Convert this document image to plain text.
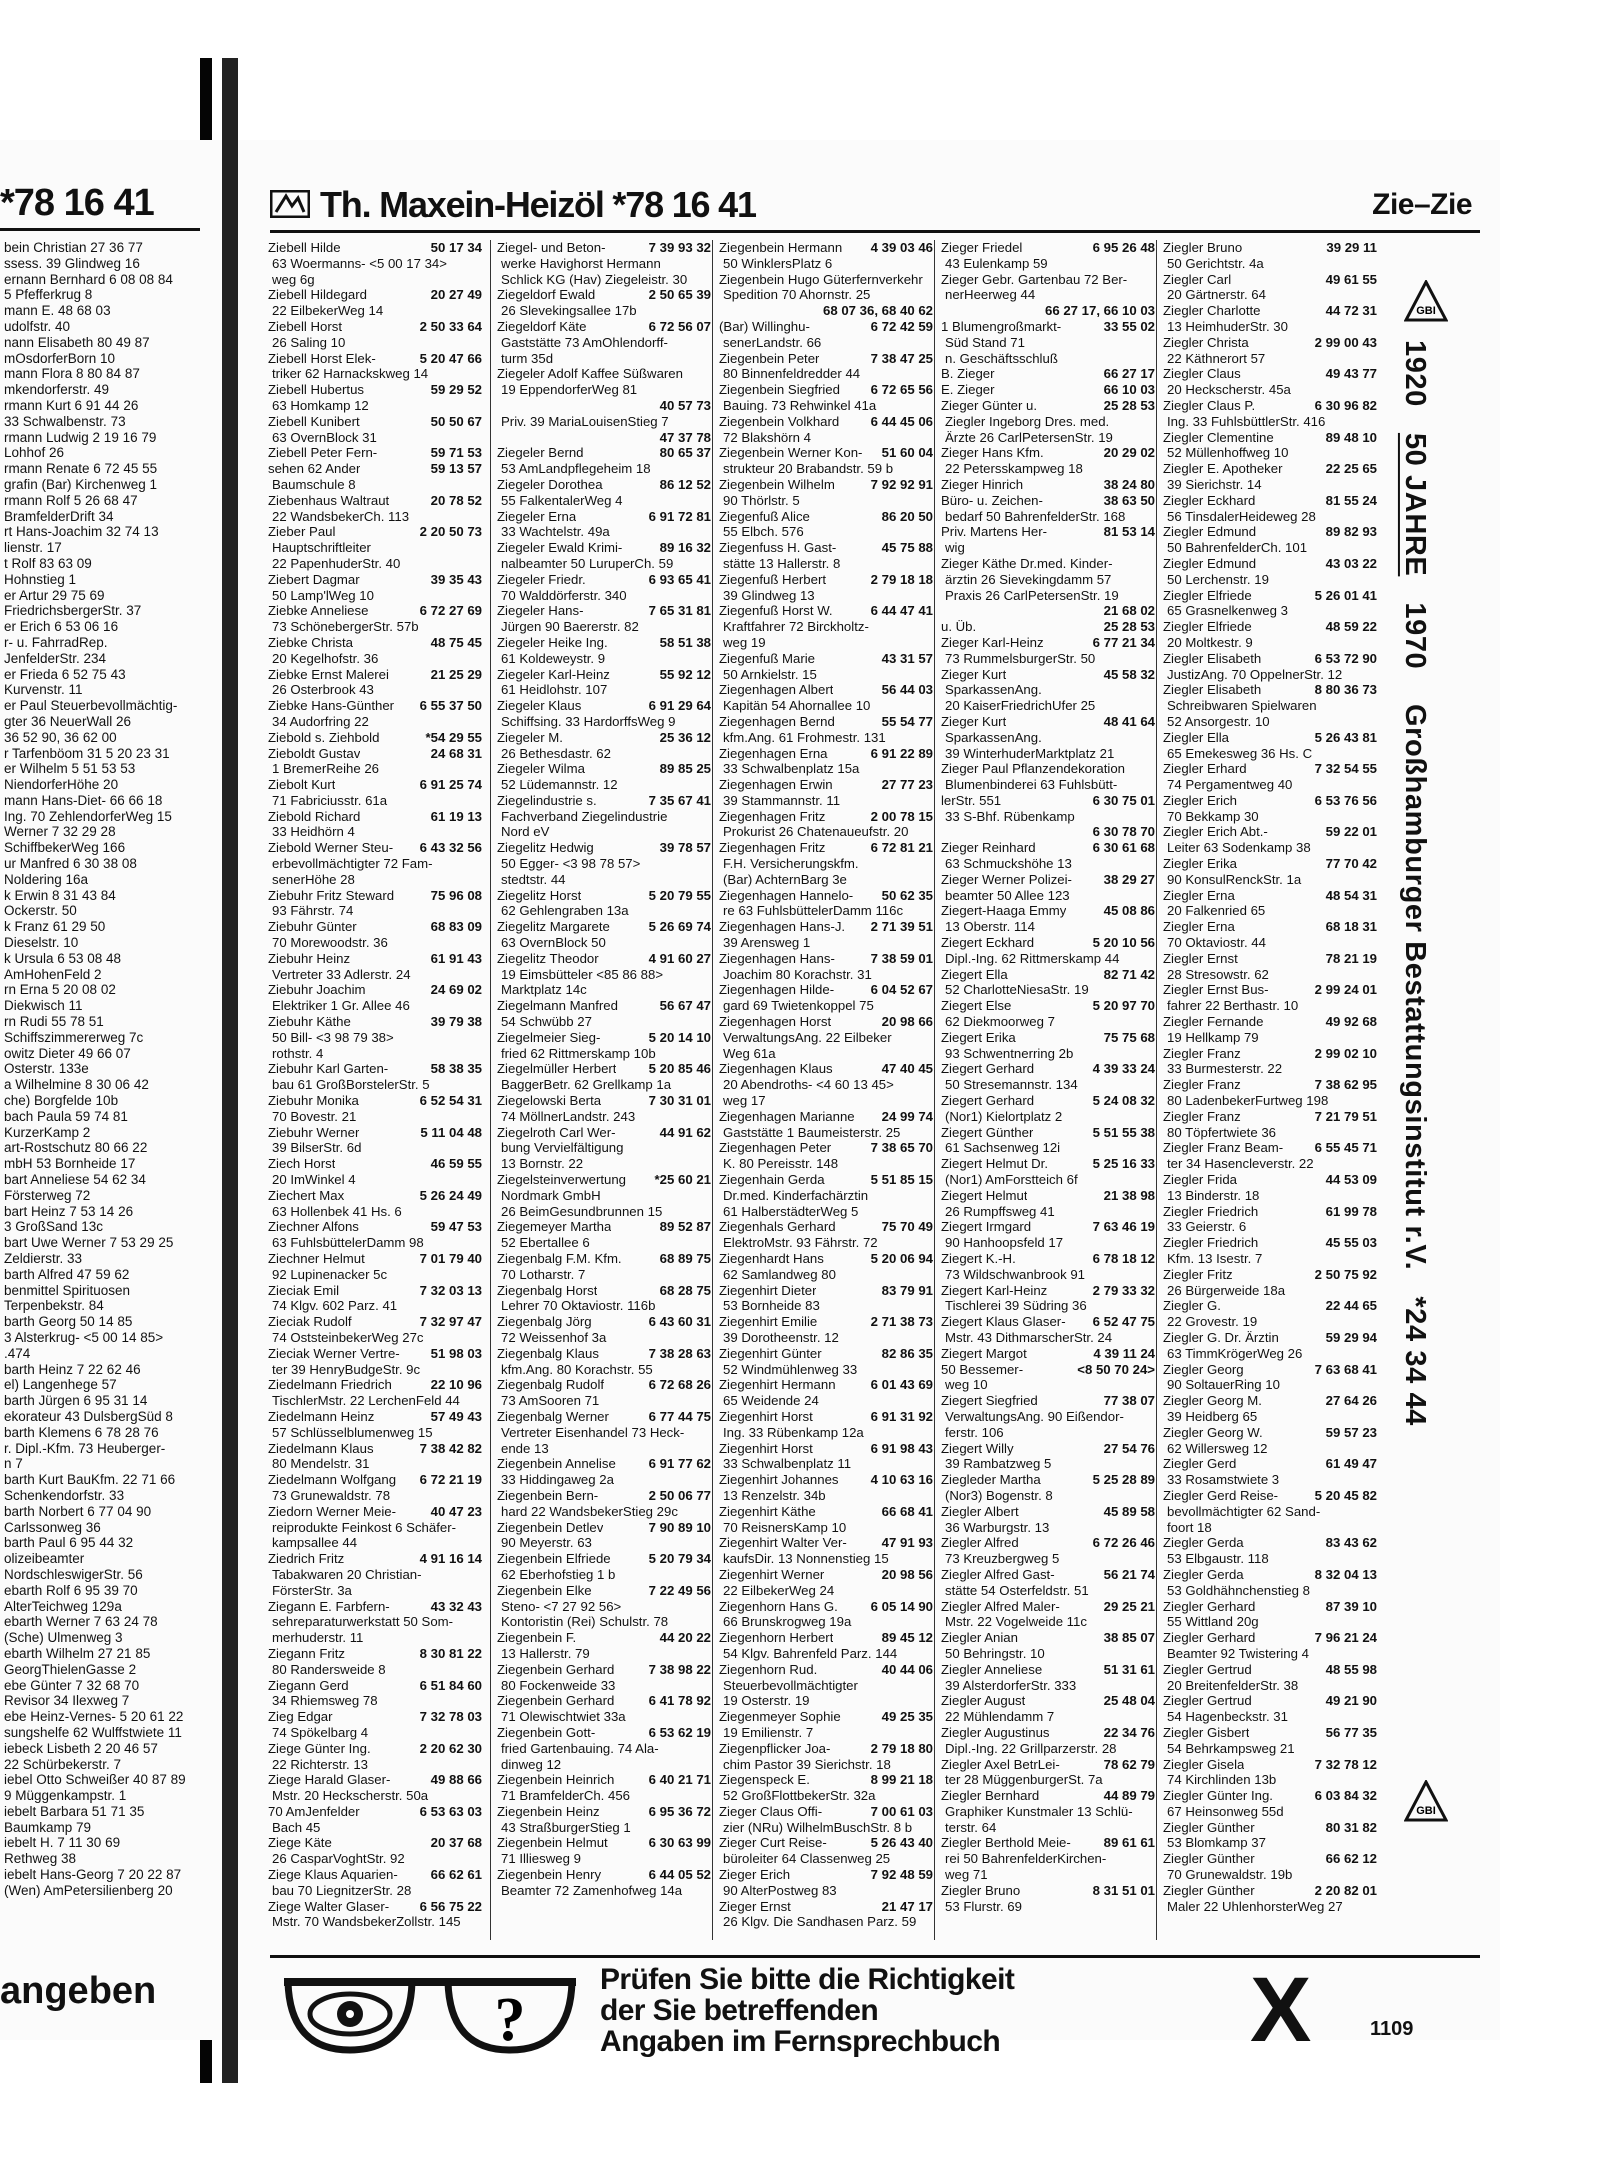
*78 16 41
bein Christian 27 36 77
ssess. 39 Glindweg 16
ernann Bernhard 6 08 08 84
5 Pfefferkrug 8
mann E. 48 68 03
udolfstr. 40
nann Elisabeth 80 49 87
mOsdorferBorn 10
mann Flora 8 80 84 87
mkendorferstr. 49
rmann Kurt 6 91 44 26
33 Schwalbenstr. 73
rmann Ludwig 2 19 16 79
Lohhof 26
rmann Renate 6 72 45 55
grafin (Bar) Kirchenweg 1
rmann Rolf 5 26 68 47
BramfelderDrift 34
rt Hans-Joachim 32 74 13
lienstr. 17
t Rolf 83 63 09
Hohnstieg 1
er Artur 29 75 69
FriedrichsbergerStr. 37
er Erich 6 53 06 16
r- u. FahrradRep.
JenfelderStr. 234
er Frieda 6 52 75 43
Kurvenstr. 11
er Paul Steuerbevollmächtig-
gter 36 NeuerWall 26
36 52 90, 36 62 00
r Tarfenböom 31 5 20 23 31
er Wilhelm 5 51 53 53
NiendorferHöhe 20
mann Hans-Diet- 66 66 18
Ing. 70 ZehlendorferWeg 15
Werner 7 32 29 28
SchiffbekerWeg 166
ur Manfred 6 30 38 08
Noldering 16a
k Erwin 8 31 43 84
Ockerstr. 50
k Franz 61 29 50
Dieselstr. 10
k Ursula 6 53 08 48
AmHohenFeld 2
rn Erna 5 20 08 02
Diekwisch 11
rn Rudi 55 78 51
Schiffszimmererweg 7c
owitz Dieter 49 66 07
Osterstr. 133e
a Wilhelmine 8 30 06 42
che) Borgfelde 10b
bach Paula 59 74 81
KurzerKamp 2
art-Rostschutz 80 66 22
mbH 53 Bornheide 17
bart Anneliese 54 62 34
Försterweg 72
bart Heinz 7 53 14 26
3 GroßSand 13c
bart Uwe Werner 7 53 29 25
Zeldierstr. 33
barth Alfred 47 59 62
benmittel Spirituosen
Terpenbekstr. 84
barth Georg 50 14 85
3 Alsterkrug- <5 00 14 85>
.474
barth Heinz 7 22 62 46
el) Langenhege 57
barth Jürgen 6 95 31 14
ekorateur 43 DulsbergSüd 8
barth Klemens 6 78 28 76
r. Dipl.-Kfm. 73 Heuberger-
n 7
barth Kurt BauKfm. 22 71 66
Schenkendorfstr. 33
barth Norbert 6 77 04 90
Carlssonweg 36
barth Paul 6 95 44 32
olizeibeamter
NordschleswigerStr. 56
ebarth Rolf 6 95 39 70
AlterTeichweg 129a
ebarth Werner 7 63 24 78
(Sche) Ulmenweg 3
ebarth Wilhelm 27 21 85
GeorgThielenGasse 2
ebe Günter 7 32 68 70
Revisor 34 Ilexweg 7
ebe Heinz-Vernes- 5 20 61 22
sungshelfe 62 Wulffstwiete 11
iebeck Lisbeth 2 20 46 57
22 Schürbekerstr. 7
iebel Otto Schweißer 40 87 89
9 Müggenkampstr. 1
iebelt Barbara 51 71 35
Baumkamp 79
iebelt H. 7 11 30 69
Rethweg 38
iebelt Hans-Georg 7 20 22 87
(Wen) AmPetersilienberg 20
angeben
Th. Maxein-Heizöl *78 16 41	Zie–Zie
Ziebell Hilde	50 17 34
63 Woermanns- <5 00 17 34>
weg 6g
Ziebell Hildegard	20 27 49
22 EilbekerWeg 14
Ziebell Horst	2 50 33 64
26 Saling 10
Ziebell Horst Elek-	5 20 47 66
triker 62 Harnackskweg 14
Ziebell Hubertus	59 29 52
63 Homkamp 12
Ziebell Kunibert	50 50 67
63 OvernBlock 31
Ziebell Peter Fern-	59 71 53
sehen 62 Ander	59 13 57
Baumschule 8
Ziebenhaus Waltraut	20 78 52
22 WandsbekerCh. 113
Zieber Paul	2 20 50 73
Hauptschriftleiter
22 PapenhuderStr. 40
Ziebert Dagmar	39 35 43
50 Lamp'lWeg 10
Ziebke Anneliese	6 72 27 69
73 SchönebergerStr. 57b
Ziebke Christa	48 75 45
20 Kegelhofstr. 36
Ziebke Ernst Malerei	21 25 29
26 Osterbrook 43
Ziebke Hans-Günther 6 55 37 50
34 Audorfring 22
Ziebold s. Ziehbold	*54 29 55
Zieboldt Gustav	24 68 31
1 BremerReihe 26
Ziebolt Kurt	6 91 25 74
71 Fabriciusstr. 61a
Ziebold Richard	61 19 13
33 Heidhörn 4
Ziebold Werner Steu- 6 43 32 56
erbevollmächtigter 72 Fam-
senerHöhe 28
Ziebuhr Fritz Steward	75 96 08
93 Fährstr. 74
Ziebuhr Günter	68 83 09
70 Morewoodstr. 36
Ziebuhr Heinz	61 91 43
Vertreter 33 Adlerstr. 24
Ziebuhr Joachim	24 69 02
Elektriker 1 Gr. Allee 46
Ziebuhr Käthe	39 79 38
50 Bill- <3 98 79 38>
rothstr. 4
Ziebuhr Karl Garten-	58 38 35
bau 61 GroßBorstelerStr. 5
Ziebuhr Monika	6 52 54 31
70 Bovestr. 21
Ziebuhr Werner	5 11 04 48
39 BilserStr. 6d
Ziech Horst	46 59 55
20 ImWinkel 4
Ziechert Max	5 26 24 49
63 Hollenbek 41 Hs. 6
Ziechner Alfons	59 47 53
63 FuhlsbüttelerDamm 98
Ziechner Helmut	7 01 79 40
92 Lupinenacker 5c
Zieciak Emil	7 32 03 13
74 Klgv. 602 Parz. 41
Zieciak Rudolf	7 32 97 47
74 OststeinbekerWeg 27c
Zieciak Werner Vertre- 51 98 03
ter 39 HenryBudgeStr. 9c
Ziedelmann Friedrich	22 10 96
TischlerMstr. 22 LerchenFeld 44
Ziedelmann Heinz	57 49 43
57 Schlüsselblumenweg 15
Ziedelmann Klaus	7 38 42 82
80 Mendelstr. 31
Ziedelmann Wolfgang 6 72 21 19
73 Grunewaldstr. 78
Ziedorn Werner Meie-	40 47 23
reiprodukte Feinkost 6 Schäfer-
kampsallee 44
Ziedrich Fritz	4 91 16 14
Tabakwaren 20 Christian-
FörsterStr. 3a
Ziegann E. Farbfern-	43 32 43
sehreparaturwerkstatt 50 Som-
merhuderstr. 11
Ziegann Fritz	8 30 81 22
80 Randersweide 8
Ziegann Gerd	6 51 84 60
34 Rhiemsweg 78
Zieg Edgar	7 32 78 03
74 Spökelbarg 4
Ziege Günter Ing.	2 20 62 30
22 Richterstr. 13
Ziege Harald Glaser-	49 88 66
Mstr. 20 Heckscherstr. 50a
70 AmJenfelder	6 53 63 03
Bach 45
Ziege Käte	20 37 68
26 CasparVoghtStr. 92
Ziege Klaus Aquarien- 66 62 61
bau 70 LiegnitzerStr. 28
Ziege Walter Glaser- 6 56 75 22
Mstr. 70 WandsbekerZollstr. 145
Ziegel- und Beton-	7 39 93 32
werke Havighorst Hermann
Schlick KG (Hav) Ziegeleistr. 30
Ziegeldorf Ewald	2 50 65 39
26 Slevekingsallee 17b
Ziegeldorf Käte	6 72 56 07
Gaststätte 73 AmOhlendorff-
turm 35d
Ziegeler Adolf Kaffee Süßwaren
19 EppendorferWeg 81
40 57 73
Priv. 39 MariaLouisenStieg 7
47 37 78
Ziegeler Bernd	80 65 37
53 AmLandpflegeheim 18
Ziegeler Dorothea	86 12 52
55 FalkentalerWeg 4
Ziegeler Erna	6 91 72 81
33 Wachtelstr. 49a
Ziegeler Ewald Krimi-	89 16 32
nalbeamter 50 LuruperCh. 59
Ziegeler Friedr.	6 93 65 41
70 Walddörferstr. 340
Ziegeler Hans-	7 65 31 81
Jürgen 90 Baererstr. 82
Ziegeler Heike Ing.	58 51 38
61 Koldeweystr. 9
Ziegeler Karl-Heinz	55 92 12
61 Heidlohstr. 107
Ziegeler Klaus	6 91 29 64
Schiffsing. 33 HardorffsWeg 9
Ziegeler M.	25 36 12
26 Bethesdastr. 62
Ziegeler Wilma	89 85 25
52 Lüdemannstr. 12
Ziegelindustrie s.	7 35 67 41
Fachverband Ziegelindustrie
Nord eV
Ziegelitz Hedwig	39 78 57
50 Egger- <3 98 78 57>
stedtstr. 44
Ziegelitz Horst	5 20 79 55
62 Gehlengraben 13a
Ziegelitz Margarete	5 26 69 74
63 OvernBlock 50
Ziegelitz Theodor	4 91 60 27
19 Eimsbütteler <85 86 88>
Marktplatz 14c
Ziegelmann Manfred	56 67 47
54 Schwübb 27
Ziegelmeier Sieg-	5 20 14 10
fried 62 Rittmerskamp 10b
Ziegelmüller Herbert 5 20 85 46
BaggerBetr. 62 Grellkamp 1a
Ziegelowski Berta	7 30 31 01
74 MöllnerLandstr. 243
Ziegelroth Carl Wer-	44 91 62
bung Vervielfältigung
13 Bornstr. 22
Ziegelsteinverwertung *25 60 21
Nordmark GmbH
26 BeimGesundbrunnen 15
Ziegemeyer Martha	89 52 87
52 Ebertallee 6
Ziegenbalg F.M. Kfm.	68 89 75
70 Lotharstr. 7
Ziegenbalg Horst	68 28 75
Lehrer 70 Oktaviostr. 116b
Ziegenbalg Jörg	6 43 60 31
72 Weissenhof 3a
Ziegenbalg Klaus	7 38 28 63
kfm.Ang. 80 Korachstr. 55
Ziegenbalg Rudolf	6 72 68 26
73 AmSooren 71
Ziegenbalg Werner	6 77 44 75
Vertreter Eisenhandel 73 Heck-
ende 13
Ziegenbein Annelise 6 91 77 62
33 Hiddingaweg 2a
Ziegenbein Bern-	2 50 06 77
hard 22 WandsbekerStieg 29c
Ziegenbein Detlev	7 90 89 10
90 Meyerstr. 63
Ziegenbein Elfriede	5 20 79 34
62 Eberhofstieg 1 b
Ziegenbein Elke	7 22 49 56
Steno- <7 27 92 56>
Kontoristin (Rei) Schulstr. 78
Ziegenbein F.	44 20 22
13 Hallerstr. 79
Ziegenbein Gerhard	7 38 98 22
80 Fockenweide 33
Ziegenbein Gerhard	6 41 78 92
71 Olewischtwiet 33a
Ziegenbein Gott-	6 53 62 19
fried Gartenbauing. 74 Ala-
dinweg 12
Ziegenbein Heinrich	6 40 21 71
71 BramfelderCh. 456
Ziegenbein Heinz	6 95 36 72
43 StraßburgerStieg 1
Ziegenbein Helmut	6 30 63 99
71 Illiesweg 9
Ziegenbein Henry	6 44 05 52
Beamter 72 Zamenhofweg 14a
Ziegenbein Hermann 4 39 03 46
50 WinklersPlatz 6
Ziegenbein Hugo Güterfernverkehr
Spedition 70 Ahornstr. 25
68 07 36, 68 40 62
(Bar) Willinghu-	6 72 42 59
senerLandstr. 66
Ziegenbein Peter	7 38 47 25
80 Binnenfeldredder 44
Ziegenbein Siegfried 6 72 65 56
Bauing. 73 Rehwinkel 41a
Ziegenbein Volkhard 6 44 45 06
72 Blakshörn 4
Ziegenbein Werner Kon- 51 60 04
strukteur 20 Brabandstr. 59 b
Ziegenbein Wilhelm	7 92 92 91
90 Thörlstr. 5
Ziegenfuß Alice	86 20 50
55 Elbch. 576
Ziegenfuss H. Gast-	45 75 88
stätte 13 Hallerstr. 8
Ziegenfuß Herbert	2 79 18 18
39 Glindweg 13
Ziegenfuß Horst W.	6 44 47 41
Kraftfahrer 72 Birckholtz-
weg 19
Ziegenfuß Marie	43 31 57
50 Arnkielstr. 15
Ziegenhagen Albert	56 44 03
Kapitän 54 Ahornallee 10
Ziegenhagen Bernd	55 54 77
kfm.Ang. 61 Frohmestr. 131
Ziegenhagen Erna	6 91 22 89
33 Schwalbenplatz 15a
Ziegenhagen Erwin	27 77 23
39 Stammannstr. 11
Ziegenhagen Fritz	2 00 78 15
Prokurist 26 Chatenaueufstr. 20
Ziegenhagen Fritz	6 72 81 21
F.H. Versicherungskfm.
(Bar) AchternBarg 3e
Ziegenhagen Hannelo- 50 62 35
re 63 FuhlsbüttelerDamm 116c
Ziegenhagen Hans-J. 2 71 39 51
39 Arensweg 1
Ziegenhagen Hans-	7 38 59 01
Joachim 80 Korachstr. 31
Ziegenhagen Hilde-	6 04 52 67
gard 69 Twietenkoppel 75
Ziegenhagen Horst	20 98 66
VerwaltungsAng. 22 Eilbeker
Weg 61a
Ziegenhagen Klaus	47 40 45
20 Abendroths- <4 60 13 45>
weg 17
Ziegenhagen Marianne 24 99 74
Gaststätte 1 Baumeisterstr. 25
Ziegenhagen Peter	7 38 65 70
K. 80 Pereisstr. 148
Ziegenhain Gerda	5 51 85 15
Dr.med. Kinderfachärztin
61 HalberstädterWeg 5
Ziegenhals Gerhard	75 70 49
ElektroMstr. 93 Fährstr. 72
Ziegenhardt Hans	5 20 06 94
62 Samlandweg 80
Ziegenhirt Dieter	83 79 91
53 Bornheide 83
Ziegenhirt Emilie	2 71 38 73
39 Dorotheenstr. 12
Ziegenhirt Günter	82 86 35
52 Windmühlenweg 33
Ziegenhirt Hermann	6 01 43 69
65 Weidende 24
Ziegenhirt Horst	6 91 31 92
Ing. 33 Rübenkamp 12a
Ziegenhirt Horst	6 91 98 43
33 Schwalbenplatz 11
Ziegenhirt Johannes 4 10 63 16
13 Renzelstr. 34b
Ziegenhirt Käthe	66 68 41
70 ReisnersKamp 10
Ziegenhirt Walter Ver-	47 91 93
kaufsDir. 13 Nonnenstieg 15
Ziegenhirt Werner	20 98 56
22 EilbekerWeg 24
Ziegenhorn Hans G. 6 05 14 90
66 Brunskrogweg 19a
Ziegenhorn Herbert	89 45 12
54 Klgv. Bahrenfeld Parz. 144
Ziegenhorn Rud.	40 44 06
Steuerbevollmächtigter
19 Osterstr. 19
Ziegenmeyer Sophie	49 25 35
19 Emilienstr. 7
Ziegenpflicker Joa-	2 79 18 80
chim Pastor 39 Sierichstr. 18
Ziegenspeck E.	8 99 21 18
52 GroßFlottbekerStr. 32a
Zieger Claus Offi-	7 00 61 03
zier (NRu) WilhelmBuschStr. 8 b
Zieger Curt Reise-	5 26 43 40
büroleiter 64 Classenweg 25
Zieger Erich	7 92 48 59
90 AlterPostweg 83
Zieger Ernst	21 47 17
26 Klgv. Die Sandhasen Parz. 59
Zieger Friedel	6 95 26 48
43 Eulenkamp 59
Zieger Gebr. Gartenbau 72 Ber-
nerHeerweg 44
66 27 17, 66 10 03
1 Blumengroßmarkt-	33 55 02
Süd Stand 71
n. Geschäftsschluß
B. Zieger	66 27 17
E. Zieger	66 10 03
Zieger Günter u.	25 28 53
Ziegler Ingeborg Dres. med.
Ärzte 26 CarlPetersenStr. 19
Zieger Hans Kfm.	20 29 02
22 Petersskampweg 18
Zieger Hinrich	38 24 80
Büro- u. Zeichen-	38 63 50
bedarf 50 BahrenfelderStr. 168
Priv. Martens Her-	81 53 14
wig
Zieger Käthe Dr.med. Kinder-
ärztin 26 Sievekingdamm 57
Praxis 26 CarlPetersenStr. 19
21 68 02
u. Üb.	25 28 53
Zieger Karl-Heinz	6 77 21 34
73 RummelsburgerStr. 50
Zieger Kurt	45 58 32
SparkassenAng.
20 KaiserFriedrichUfer 25
Zieger Kurt	48 41 64
SparkassenAng.
39 WinterhuderMarktplatz 21
Zieger Paul Pflanzendekoration
Blumenbinderei 63 Fuhlsbütt-
lerStr. 551	6 30 75 01
33 S-Bhf. Rübenkamp
6 30 78 70
Zieger Reinhard	6 30 61 68
63 Schmuckshöhe 13
Zieger Werner Polizei- 38 29 27
beamter 50 Allee 123
Ziegert-Haaga Emmy	45 08 86
13 Oberstr. 114
Ziegert Eckhard	5 20 10 56
Dipl.-Ing. 62 Rittmerskamp 44
Ziegert Ella	82 71 42
52 CharlotteNiesaStr. 19
Ziegert Else	5 20 97 70
62 Diekmoorweg 7
Ziegert Erika	75 75 68
93 Schwentnerring 2b
Ziegert Gerhard	4 39 33 24
50 Stresemannstr. 134
Ziegert Gerhard	5 24 08 32
(Nor1) Kielortplatz 2
Ziegert Günther	5 51 55 38
61 Sachsenweg 12i
Ziegert Helmut Dr.	5 25 16 33
(Nor1) AmForstteich 6f
Ziegert Helmut	21 38 98
26 Rumpffsweg 41
Ziegert Irmgard	7 63 46 19
90 Hanhoopsfeld 17
Ziegert K.-H.	6 78 18 12
73 Wildschwanbrook 91
Ziegert Karl-Heinz	2 79 33 32
Tischlerei 39 Südring 36
Ziegert Klaus Glaser- 6 52 47 75
Mstr. 43 DithmarscherStr. 24
Ziegert Margot	4 39 11 24
50 Bessemer-	<8 50 70 24>
weg 10
Ziegert Siegfried	77 38 07
VerwaltungsAng. 90 Eißendor-
ferstr. 106
Ziegert Willy	27 54 76
39 Rambatzweg 5
Ziegleder Martha	5 25 28 89
(Nor3) Bogenstr. 8
Ziegler Albert	45 89 58
36 Warburgstr. 13
Ziegler Alfred	6 72 26 46
73 Kreuzbergweg 5
Ziegler Alfred Gast-	56 21 74
stätte 54 Osterfeldstr. 51
Ziegler Alfred Maler-	29 25 21
Mstr. 22 Vogelweide 11c
Ziegler Anian	38 85 07
50 Behringstr. 10
Ziegler Anneliese	51 31 61
39 AlsterdorferStr. 333
Ziegler August	25 48 04
22 Mühlendamm 7
Ziegler Augustinus	22 34 76
Dipl.-Ing. 22 Grillparzerstr. 28
Ziegler Axel BetrLei-	78 62 79
ter 28 MüggenburgerSt. 7a
Ziegler Bernhard	44 89 79
Graphiker Kunstmaler 13 Schlü-
terstr. 64
Ziegler Berthold Meie- 89 61 61
rei 50 BahrenfelderKirchen-
weg 71
Ziegler Bruno	8 31 51 01
53 Flurstr. 69
Ziegler Bruno	39 29 11
50 Gerichtstr. 4a
Ziegler Carl	49 61 55
20 Gärtnerstr. 64
Ziegler Charlotte	44 72 31
13 HeimhuderStr. 30
Ziegler Christa	2 99 00 43
22 Käthnerort 57
Ziegler Claus	49 43 77
20 Heckscherstr. 45a
Ziegler Claus P.	6 30 96 82
Ing. 33 FuhlsbüttlerStr. 416
Ziegler Clementine	89 48 10
52 Müllenhoffweg 10
Ziegler E. Apotheker	22 25 65
39 Sierichstr. 14
Ziegler Eckhard	81 55 24
56 TinsdalerHeideweg 28
Ziegler Edmund	89 82 93
50 BahrenfelderCh. 101
Ziegler Edmund	43 03 22
50 Lerchenstr. 19
Ziegler Elfriede	5 26 01 41
65 Grasnelkenweg 3
Ziegler Elfriede	48 59 22
20 Moltkestr. 9
Ziegler Elisabeth	6 53 72 90
JustizAng. 70 OppelnerStr. 12
Ziegler Elisabeth	8 80 36 73
Schreibwaren Spielwaren
52 Ansorgestr. 10
Ziegler Ella	5 26 43 81
65 Emekesweg 36 Hs. C
Ziegler Erhard	7 32 54 55
74 Pergamentweg 40
Ziegler Erich	6 53 76 56
70 Bekkamp 30
Ziegler Erich Abt.-	59 22 01
Leiter 63 Sodenkamp 38
Ziegler Erika	77 70 42
90 KonsulRenckStr. 1a
Ziegler Erna	48 54 31
20 Falkenried 65
Ziegler Erna	68 18 31
70 Oktaviostr. 44
Ziegler Ernst	78 21 19
28 Stresowstr. 62
Ziegler Ernst Bus-	2 99 24 01
fahrer 22 Berthastr. 10
Ziegler Fernande	49 92 68
19 Hellkamp 79
Ziegler Franz	2 99 02 10
33 Burmesterstr. 22
Ziegler Franz	7 38 62 95
80 LadenbekerFurtweg 198
Ziegler Franz	7 21 79 51
80 Töpfertwiete 36
Ziegler Franz Beam- 6 55 45 71
ter 34 Hasencleverstr. 22
Ziegler Frida	44 53 09
13 Binderstr. 18
Ziegler Friedrich	61 99 78
33 Geierstr. 6
Ziegler Friedrich	45 55 03
Kfm. 13 Isestr. 7
Ziegler Fritz	2 50 75 92
26 Bürgerweide 18a
Ziegler G.	22 44 65
22 Grovestr. 19
Ziegler G. Dr. Ärztin	59 29 94
63 TimmKrögerWeg 26
Ziegler Georg	7 63 68 41
90 SoltauerRing 10
Ziegler Georg M.	27 64 26
39 Heidberg 65
Ziegler Georg W.	59 57 23
62 Willersweg 12
Ziegler Gerd	61 49 47
33 Rosamstwiete 3
Ziegler Gerd Reise-	5 20 45 82
bevollmächtigter 62 Sand-
foort 18
Ziegler Gerda	83 43 62
53 Elbgaustr. 118
Ziegler Gerda	8 32 04 13
53 Goldhähnchenstieg 8
Ziegler Gerhard	87 39 10
55 Wittland 20g
Ziegler Gerhard	7 96 21 24
Beamter 92 Twistering 4
Ziegler Gertrud	48 55 98
20 BreitenfelderStr. 38
Ziegler Gertrud	49 21 90
54 Hagenbeckstr. 31
Ziegler Gisbert	56 77 35
54 Behrkampsweg 21
Ziegler Gisela	7 32 78 12
74 Kirchlinden 13b
Ziegler Günter Ing.	6 03 84 32
67 Heinsonweg 55d
Ziegler Günther	80 31 82
53 Blomkamp 37
Ziegler Günther	66 62 12
70 Grunewaldstr. 19b
Ziegler Günther	2 20 82 01
Maler 22 UhlenhorsterWeg 27
GBI
1920   50 JAHRE   1970    Großhamburger Bestattungsinstitut r.V.   *24 34 44
GBI
?
Prüfen Sie bitte die Richtigkeit
der Sie betreffenden
Angaben im Fernsprechbuch	X	1109
